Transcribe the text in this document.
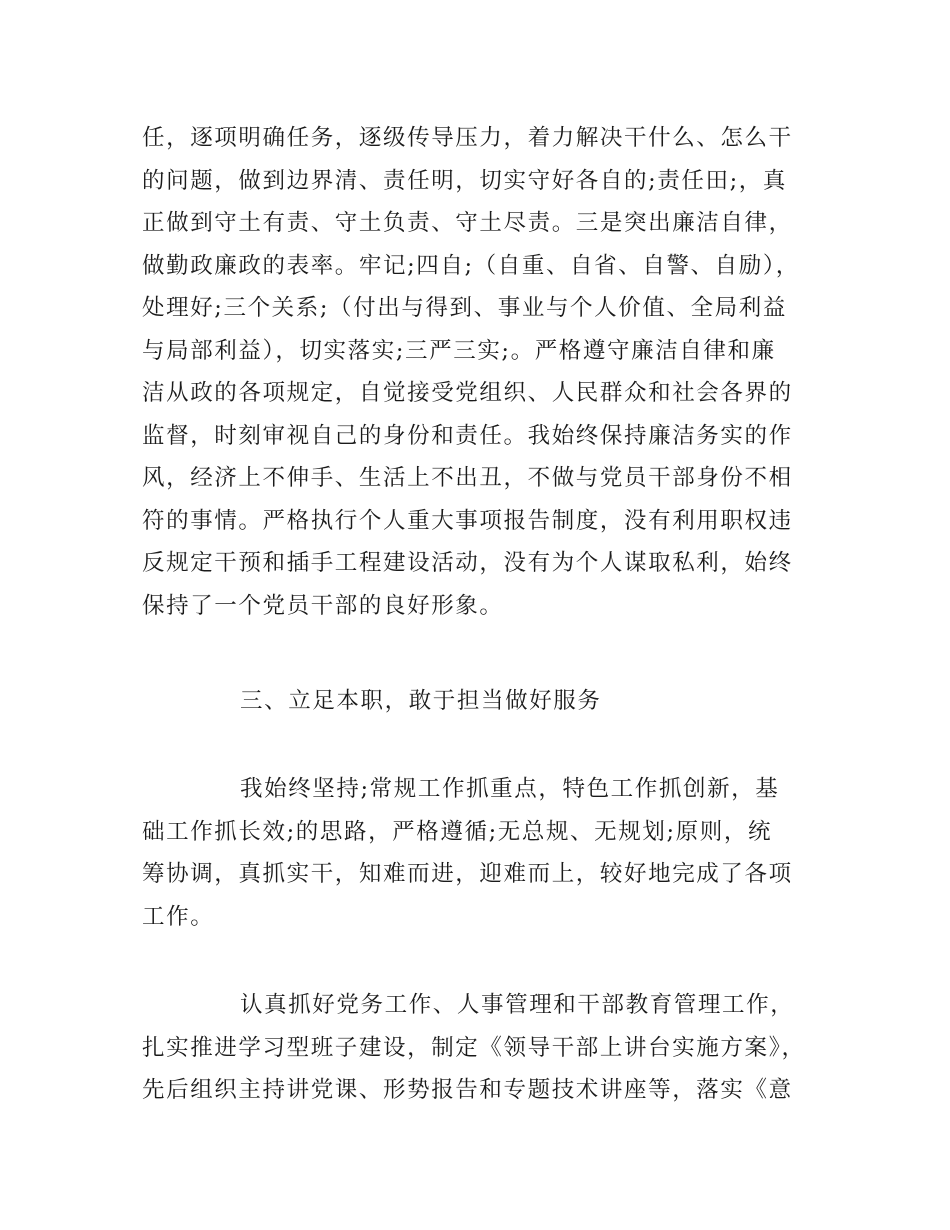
任，逐项明确任务，逐级传导压力，着力解决干什么、怎么干
的问题，做到边界清、责任明，切实守好各自的;责任田;，真
正做到守土有责、守土负责、守土尽责。三是突出廉洁自律，
做勤政廉政的表率。牢记;四自;（自重、自省、自警、自励），
处理好;三个关系;（付出与得到、事业与个人价值、全局利益
与局部利益），切实落实;三严三实;。严格遵守廉洁自律和廉
洁从政的各项规定，自觉接受党组织、人民群众和社会各界的
监督，时刻审视自己的身份和责任。我始终保持廉洁务实的作
风，经济上不伸手、生活上不出丑，不做与党员干部身份不相
符的事情。严格执行个人重大事项报告制度，没有利用职权违
反规定干预和插手工程建设活动，没有为个人谋取私利，始终
保持了一个党员干部的良好形象。

三、立足本职，敢于担当做好服务

我始终坚持;常规工作抓重点，特色工作抓创新，基
础工作抓长效;的思路，严格遵循;无总规、无规划;原则，统
筹协调，真抓实干，知难而进，迎难而上，较好地完成了各项
工作。

认真抓好党务工作、人事管理和干部教育管理工作，
扎实推进学习型班子建设，制定《领导干部上讲台实施方案》，
先后组织主持讲党课、形势报告和专题技术讲座等，落实《意
